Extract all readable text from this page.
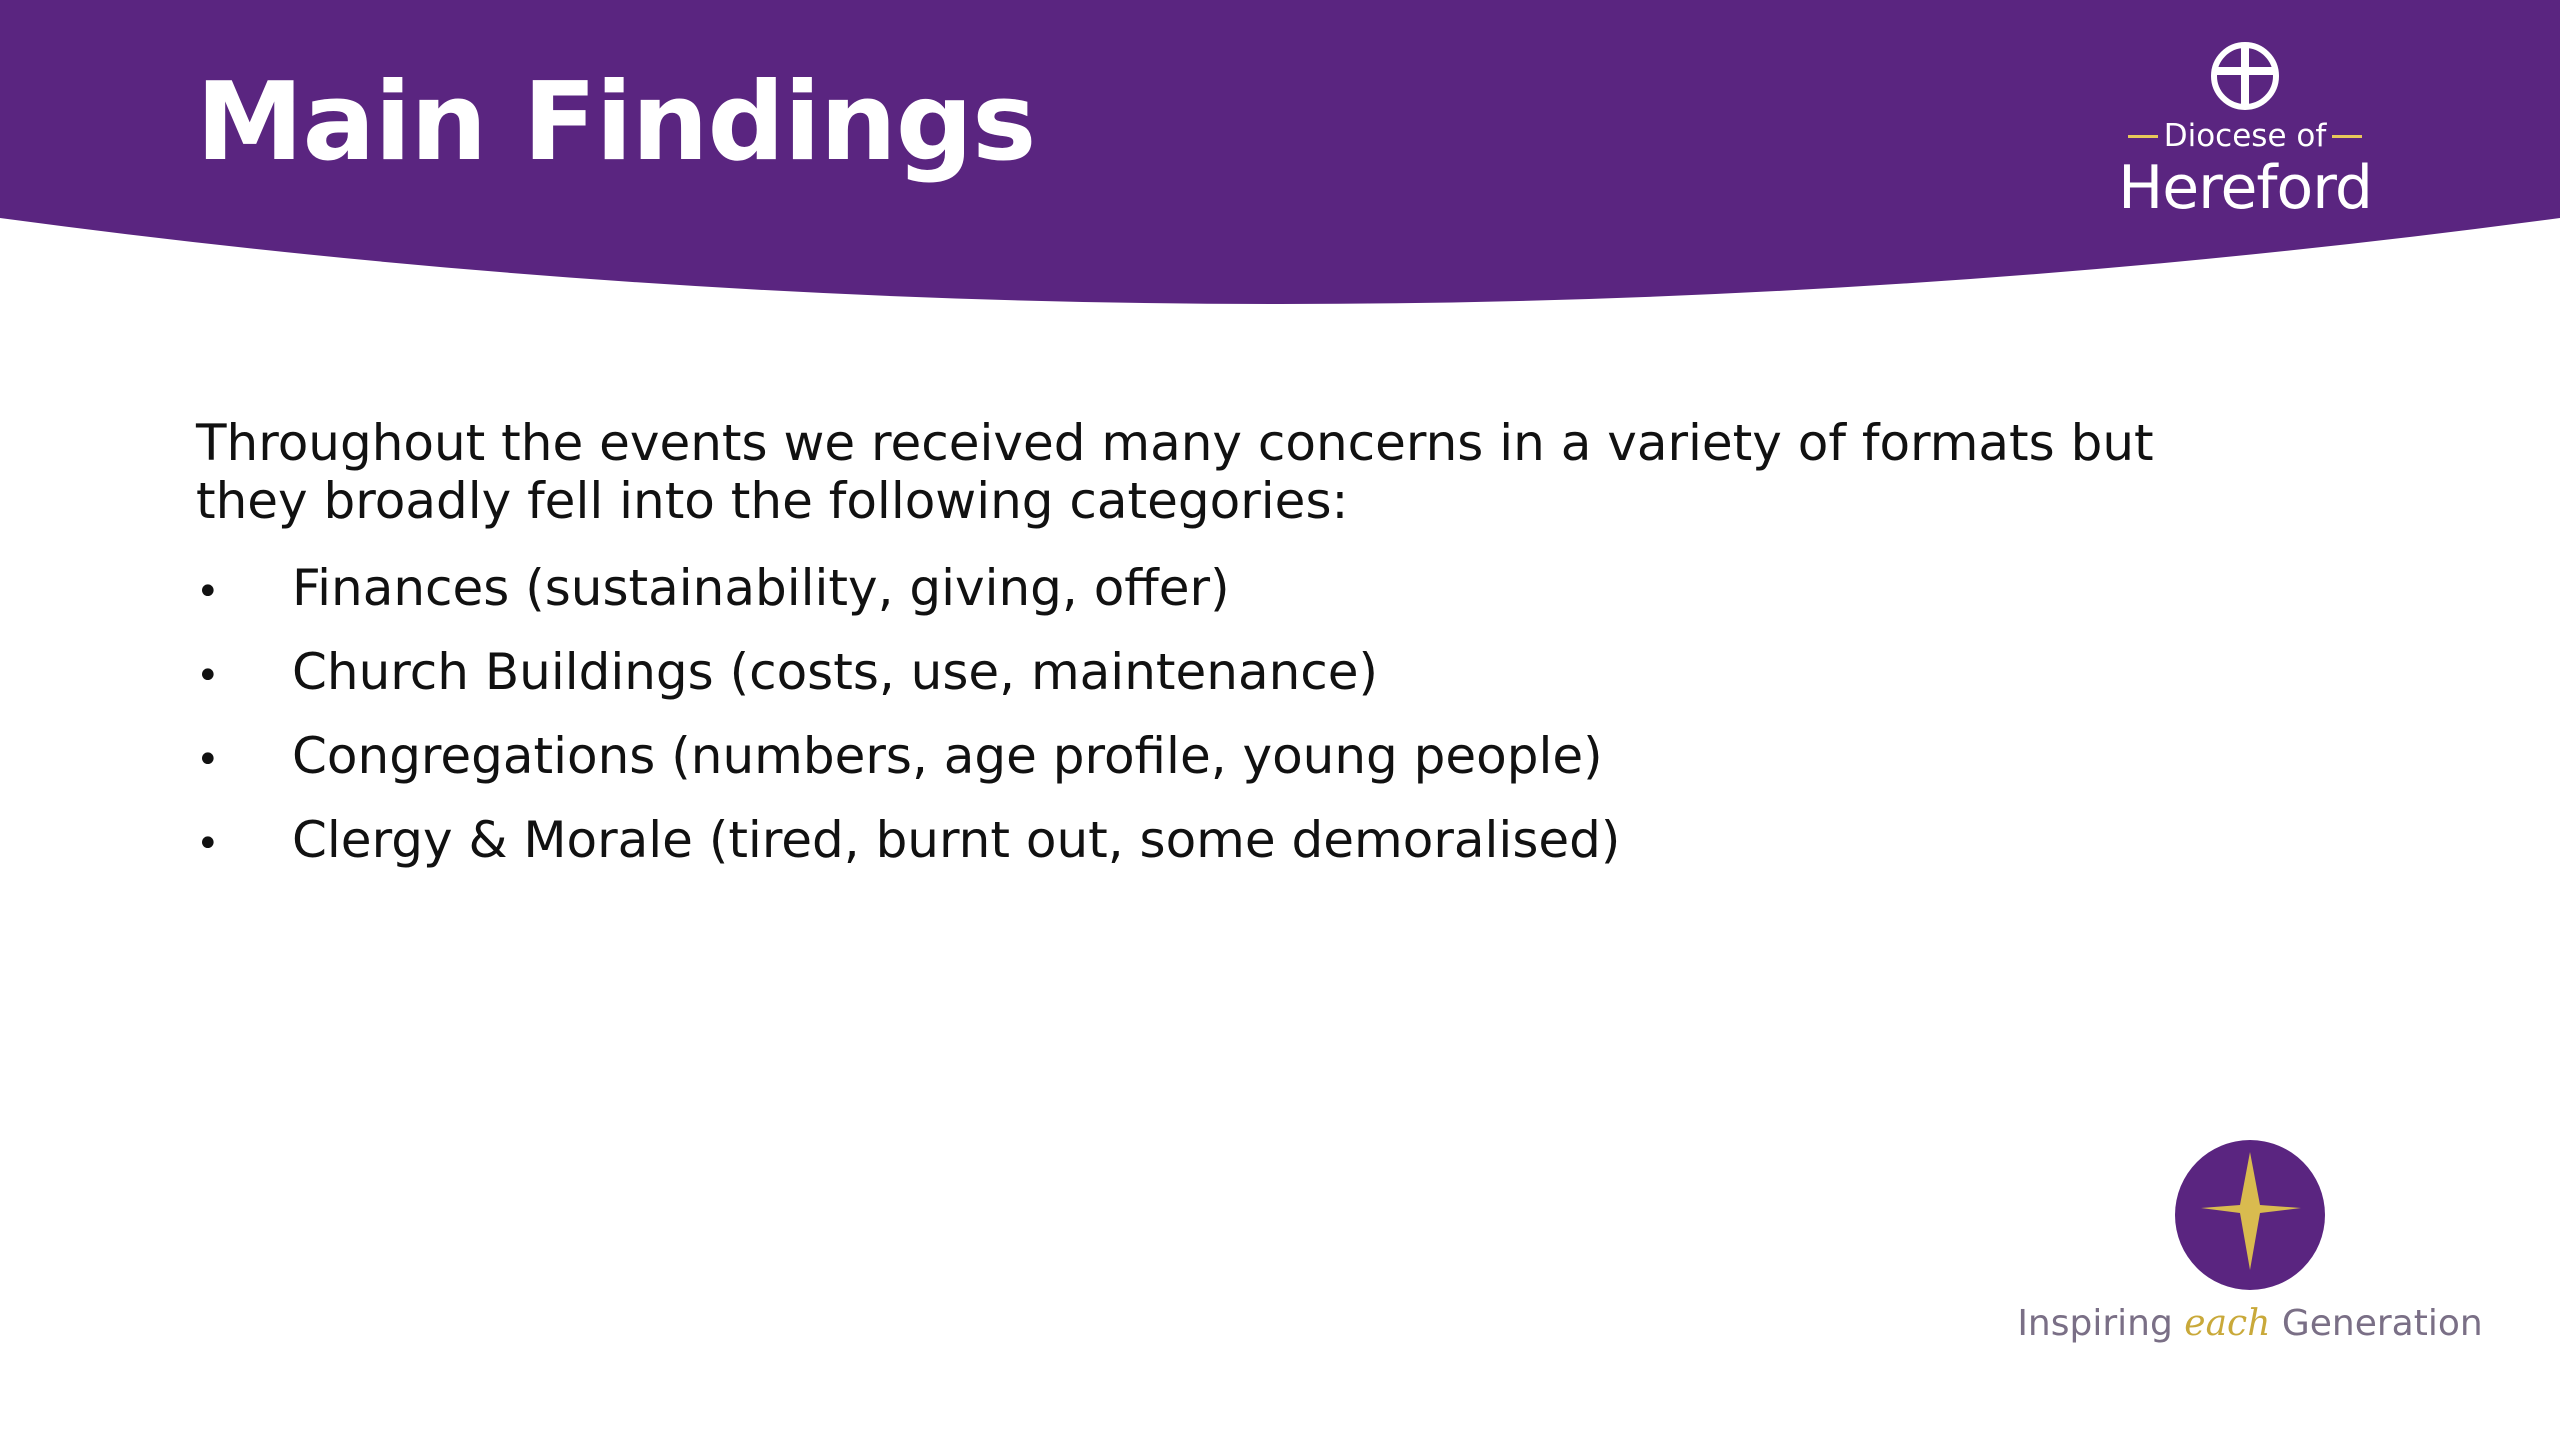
Main Findings	Diocese of
Hereford

Throughout the events we received many concerns in a variety of formats but they broadly fell into the following categories:

•	Finances (sustainability, giving, offer)
•	Church Buildings (costs, use, maintenance)
•	Congregations (numbers, age profile, young people)
•	Clergy & Morale (tired, burnt out, some demoralised)
Inspiring each Generation
